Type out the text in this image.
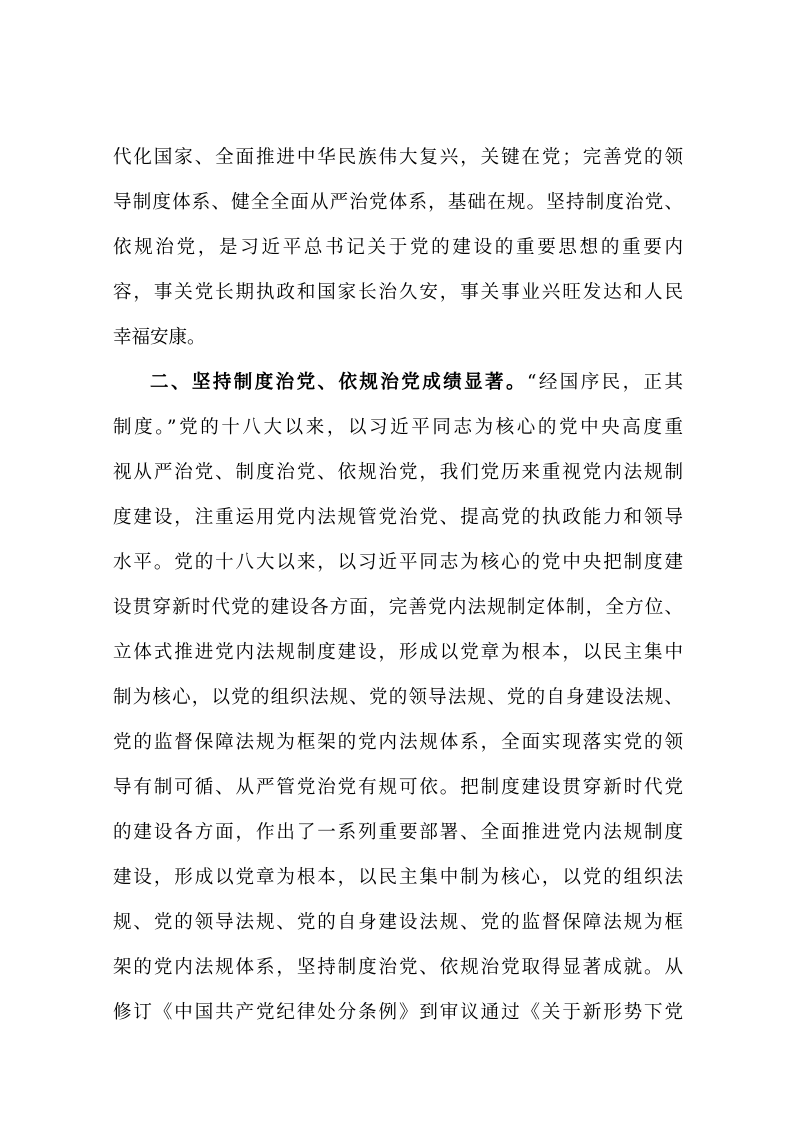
代化国家、全面推进中华民族伟大复兴，关键在党；完善党的领
导制度体系、健全全面从严治党体系，基础在规。坚持制度治党、
依规治党，是习近平总书记关于党的建设的重要思想的重要内
容，事关党长期执政和国家长治久安，事关事业兴旺发达和人民
幸福安康。
二、坚持制度治党、依规治党成绩显著。“经国序民，正其
制度。”党的十八大以来，以习近平同志为核心的党中央高度重
视从严治党、制度治党、依规治党，我们党历来重视党内法规制
度建设，注重运用党内法规管党治党、提高党的执政能力和领导
水平。党的十八大以来，以习近平同志为核心的党中央把制度建
设贯穿新时代党的建设各方面，完善党内法规制定体制，全方位、
立体式推进党内法规制度建设，形成以党章为根本，以民主集中
制为核心，以党的组织法规、党的领导法规、党的自身建设法规、
党的监督保障法规为框架的党内法规体系，全面实现落实党的领
导有制可循、从严管党治党有规可依。把制度建设贯穿新时代党
的建设各方面，作出了一系列重要部署、全面推进党内法规制度
建设，形成以党章为根本，以民主集中制为核心，以党的组织法
规、党的领导法规、党的自身建设法规、党的监督保障法规为框
架的党内法规体系，坚持制度治党、依规治党取得显著成就。从
修订《中国共产党纪律处分条例》到审议通过《关于新形势下党
